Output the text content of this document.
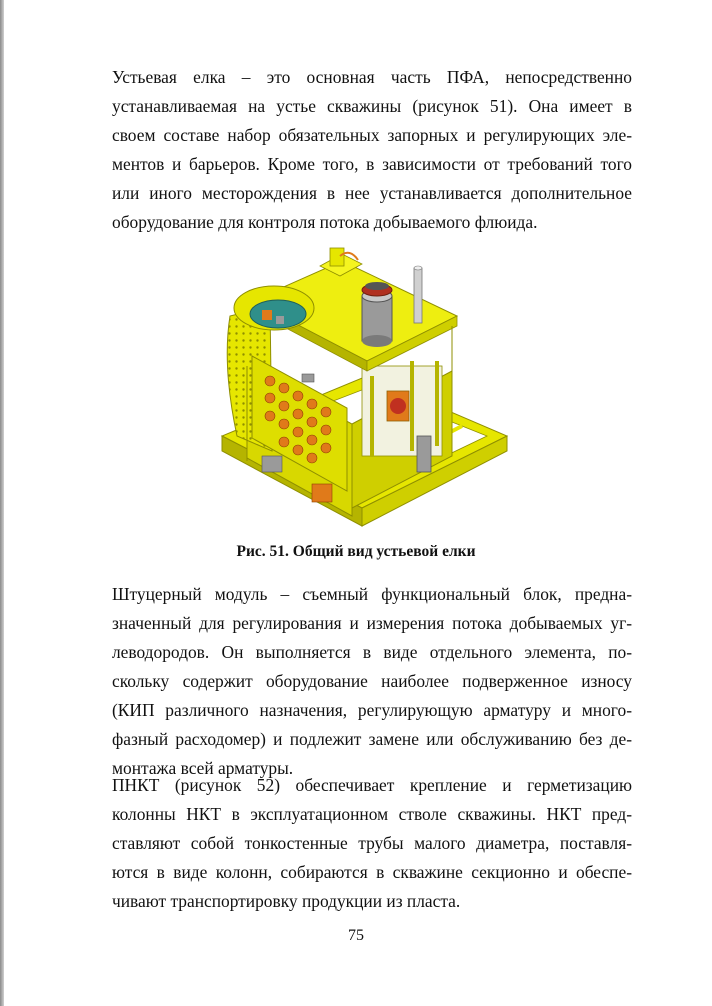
Устьевая елка – это основная часть ПФА, непосредственно
устанавливаемая на устье скважины (рисунок 51). Она имеет в
своем составе набор обязательных запорных и регулирующих эле-
ментов и барьеров. Кроме того, в зависимости от требований того
или иного месторождения в нее устанавливается дополнительное
оборудование для контроля потока добываемого флюида.

Рис. 51. Общий вид устьевой елки

Штуцерный модуль – съемный функциональный блок, предна-
значенный для регулирования и измерения потока добываемых уг-
леводородов. Он выполняется в виде отдельного элемента, по-
скольку содержит оборудование наиболее подверженное износу
(КИП различного назначения, регулирующую арматуру и много-
фазный расходомер) и подлежит замене или обслуживанию без де-
монтажа всей арматуры.

ПНКТ (рисунок 52) обеспечивает крепление и герметизацию
колонны НКТ в эксплуатационном стволе скважины. НКТ пред-
ставляют собой тонкостенные трубы малого диаметра, поставля-
ются в виде колонн, собираются в скважине секционно и обеспе-
чивают транспортировку продукции из пласта.

75
